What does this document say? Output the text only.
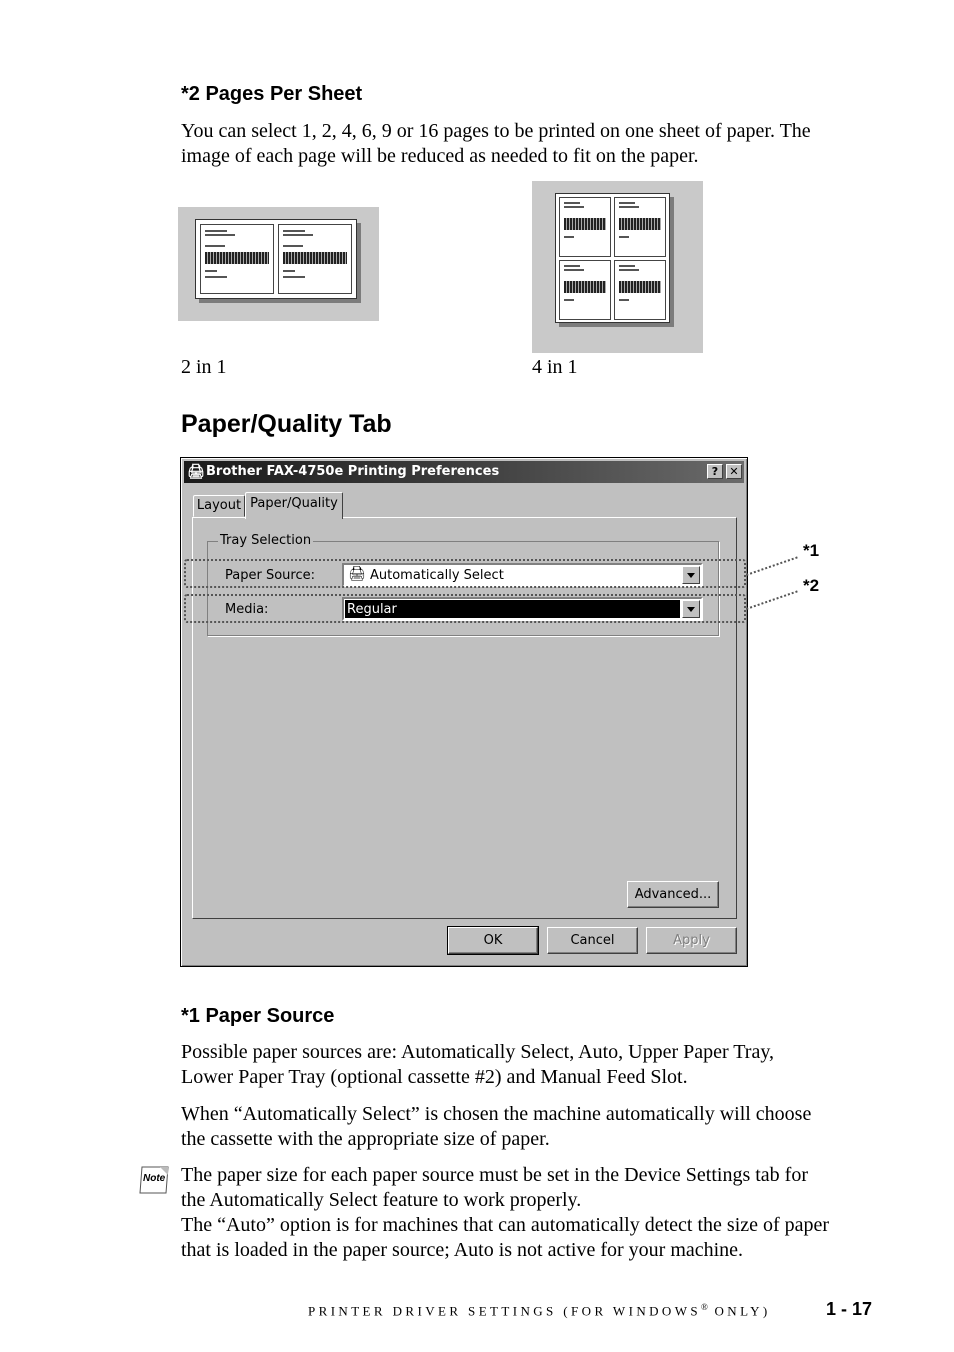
*2 Pages Per Sheet
You can select 1, 2, 4, 6, 9 or 16 pages to be printed on one sheet of paper. The
image of each page will be reduced as needed to fit on the paper.
2 in 1	4 in 1
Paper/Quality Tab
🖨 Brother FAX-4750e Printing Preferences	?	✕
Layout
Tray Selection
Paper Source: 🖨 Automatically Select
Media:	Regular
Advanced...
Paper/Quality
OK	Cancel	Apply
*1
*2
*1 Paper Source
Possible paper sources are: Automatically Select, Auto, Upper Paper Tray,
Lower Paper Tray (optional cassette #2) and Manual Feed Slot.
When “Automatically Select” is chosen the machine automatically will choose
the cassette with the appropriate size of paper.
Note The paper size for each paper source must be set in the Device Settings tab for
the Automatically Select feature to work properly.
The “Auto” option is for machines that can automatically detect the size of paper
that is loaded in the paper source; Auto is not active for your machine.
PRINTER DRIVER SETTINGS (FOR WINDOWS® ONLY)	1 - 17
